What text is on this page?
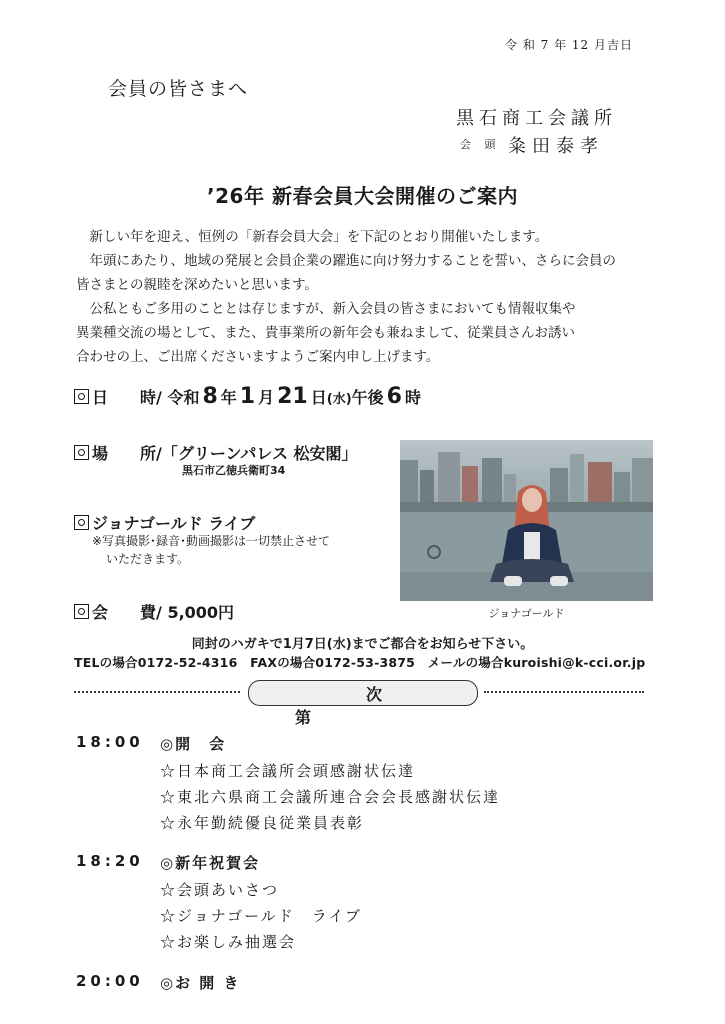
令 和 7 年 12 月吉日
会員の皆さまへ
黒石商工会議所
会 頭 粂田泰孝
’26年 新春会員大会開催のご案内

新しい年を迎え、恒例の「新春会員大会」を下記のとおり開催いたします。

年頭にあたり、地域の発展と会員企業の躍進に向け努力することを誓い、さらに会員の

皆さまとの親睦を深めたいと思います。

公私ともご多用のこととは存じますが、新入会員の皆さまにおいても情報収集や

異業種交流の場として、また、貴事業所の新年会も兼ねまして、従業員さんお誘い

合わせの上、ご出席くださいますようご案内申し上げます。

日　　時/ 令和 8 年 1 月 21 日(水)午後 6 時
場　　所/「グリーンパレス 松安閣」
黒石市乙徳兵衛町34
ジョナゴールド ライブ
※写真撮影･録音･動画撮影は一切禁止させて
いただきます。
会　　費/ 5,000円	ジョナゴールド
同封のハガキで1月7日(水)までご都合をお知らせ下さい。
TELの場合0172-52-4316　FAXの場合0172-53-3875　メールの場合kuroishi@k-cci.or.jp
次第
18:00 ◎開　会
☆日本商工会議所会頭感謝状伝達
☆東北六県商工会議所連合会会長感謝状伝達
☆永年勤続優良従業員表彰
18:20 ◎新年祝賀会
☆会頭あいさつ
☆ジョナゴールド　ライブ
☆お楽しみ抽選会
20:00 ◎お 開 き
